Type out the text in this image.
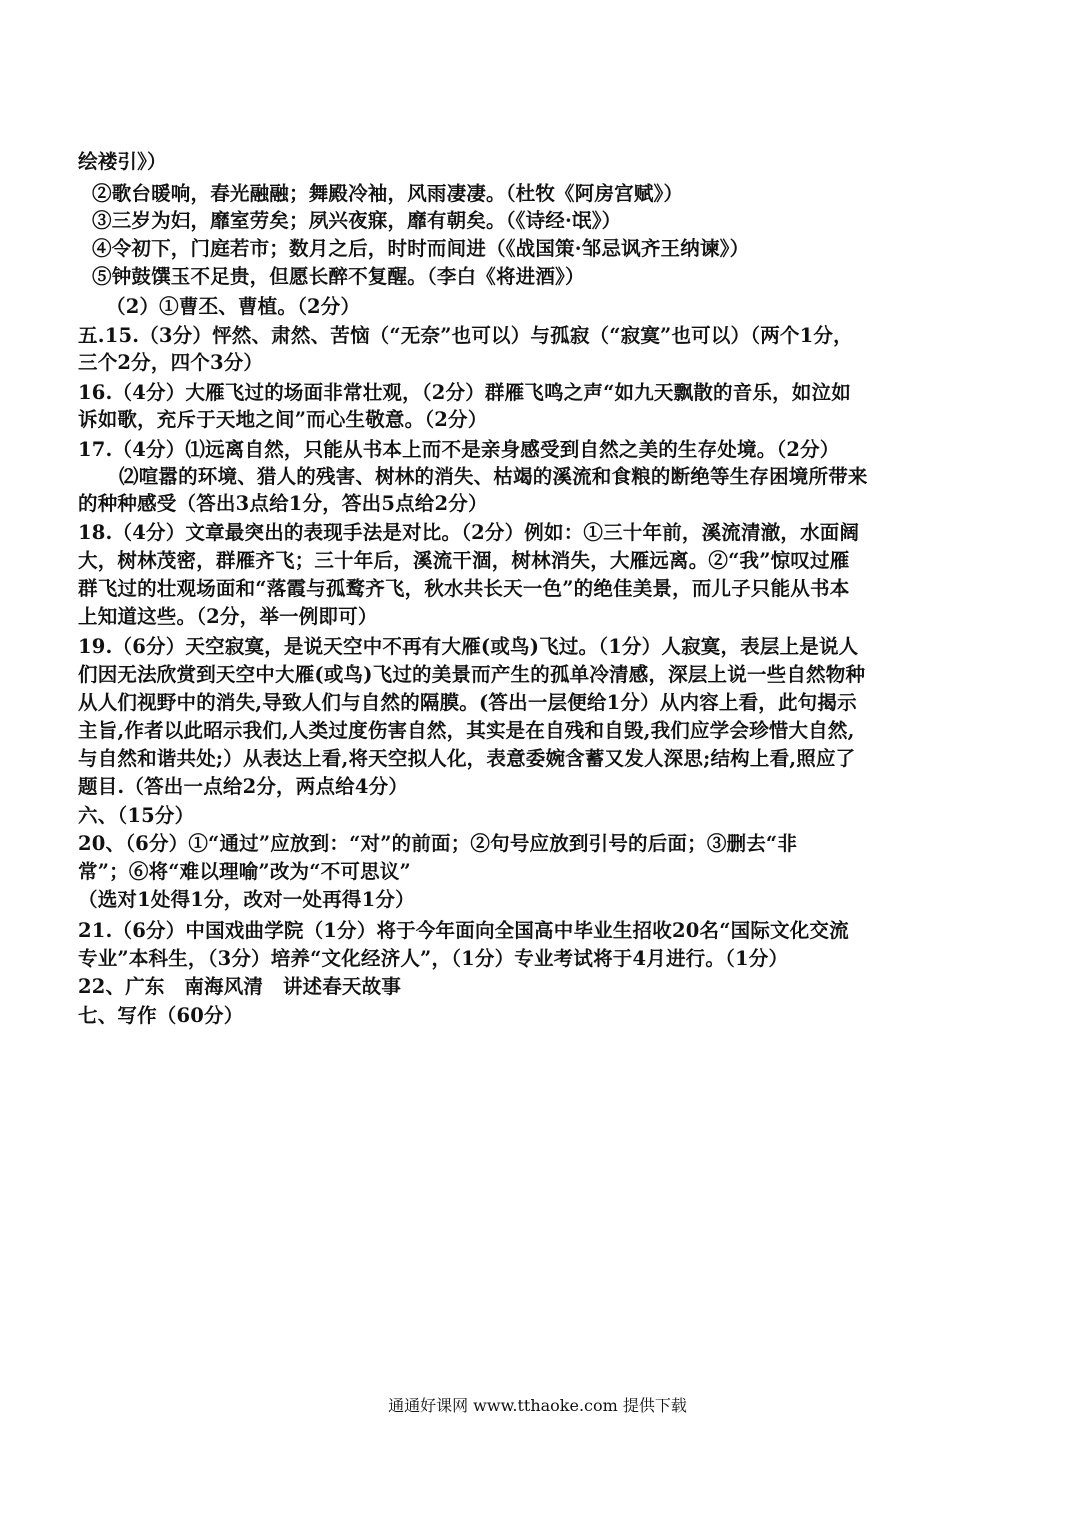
绘褛引》）
②歌台暖响，春光融融；舞殿冷袖，风雨凄凄。（杜牧《阿房宫赋》）
③三岁为妇，靡室劳矣；夙兴夜寐，靡有朝矣。（《诗经·氓》）
④令初下，门庭若市；数月之后，时时而间进（《战国策·邹忌讽齐王纳谏》）
⑤钟鼓馔玉不足贵，但愿长醉不复醒。（李白《将进酒》）
（2）①曹丕、曹植。（2分）
五.15.（3分）怦然、肃然、苦恼（“无奈”也可以）与孤寂（“寂寞”也可以）（两个1分，
三个2分，四个3分）
16.（4分）大雁飞过的场面非常壮观，（2分）群雁飞鸣之声“如九天飘散的音乐，如泣如
诉如歌，充斥于天地之间”而心生敬意。（2分）
17.（4分）⑴远离自然，只能从书本上而不是亲身感受到自然之美的生存处境。（2分）
⑵喧嚣的环境、猎人的残害、树林的消失、枯竭的溪流和食粮的断绝等生存困境所带来
的种种感受（答出3点给1分，答出5点给2分）
18.（4分）文章最突出的表现手法是对比。（2分）例如：①三十年前，溪流清澈，水面阔
大，树林茂密，群雁齐飞；三十年后，溪流干涸，树林消失，大雁远离。②“我”惊叹过雁
群飞过的壮观场面和“落霞与孤鹜齐飞，秋水共长天一色”的绝佳美景，而儿子只能从书本
上知道这些。（2分，举一例即可）
19.（6分）天空寂寞，是说天空中不再有大雁(或鸟)飞过。（1分）人寂寞，表层上是说人
们因无法欣赏到天空中大雁(或鸟)飞过的美景而产生的孤单冷清感，深层上说一些自然物种
从人们视野中的消失,导致人们与自然的隔膜。(答出一层便给1分）从内容上看，此句揭示
主旨,作者以此昭示我们,人类过度伤害自然，其实是在自残和自毁,我们应学会珍惜大自然,
与自然和谐共处;）从表达上看,将天空拟人化，表意委婉含蓄又发人深思;结构上看,照应了
题目.（答出一点给2分，两点给4分）
六、（15分）
20、（6分）①“通过”应放到：“对”的前面；②句号应放到引号的后面；③删去“非
常”；⑥将“难以理喻”改为“不可思议”
（选对1处得1分，改对一处再得1分）
21.（6分）中国戏曲学院（1分）将于今年面向全国高中毕业生招收20名“国际文化交流
专业”本科生，（3分）培养“文化经济人”，（1分）专业考试将于4月进行。（1分）
22、广东　南海风清　讲述春天故事
七、写作（60分）
通通好课网 www.tthaoke.com 提供下载
